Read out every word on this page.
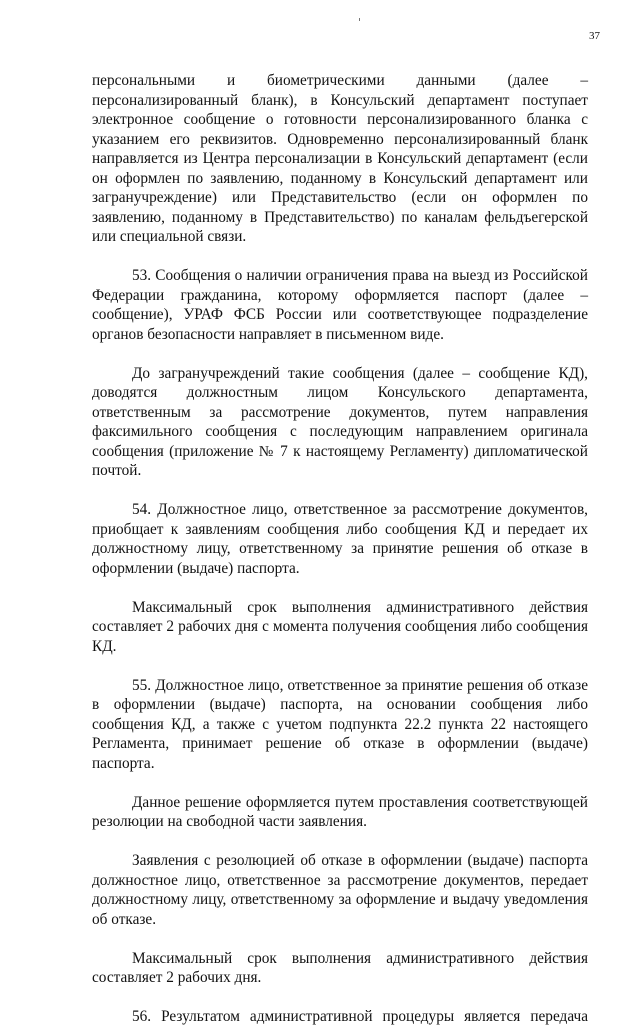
37

персональными и биометрическими данными (далее – персонализированный бланк), в Консульский департамент поступает электронное сообщение о готовности персонализированного бланка с указанием его реквизитов. Одновременно персонализированный бланк направляется из Центра персонализации в Консульский департамент (если он оформлен по заявлению, поданному в Консульский департамент или загранучреждение) или Представительство (если он оформлен по заявлению, поданному в Представительство) по каналам фельдъегерской или специальной связи.

53. Сообщения о наличии ограничения права на выезд из Российской Федерации гражданина, которому оформляется паспорт (далее – сообщение), УРАФ ФСБ России или соответствующее подразделение органов безопасности направляет в письменном виде.

До загранучреждений такие сообщения (далее – сообщение КД), доводятся должностным лицом Консульского департамента, ответственным за рассмотрение документов, путем направления факсимильного сообщения с последующим направлением оригинала сообщения (приложение № 7 к настоящему Регламенту) дипломатической почтой.

54. Должностное лицо, ответственное за рассмотрение документов, приобщает к заявлениям сообщения либо сообщения КД и передает их должностному лицу, ответственному за принятие решения об отказе в оформлении (выдаче) паспорта.

Максимальный срок выполнения административного действия составляет 2 рабочих дня с момента получения сообщения либо сообщения КД.

55. Должностное лицо, ответственное за принятие решения об отказе в оформлении (выдаче) паспорта, на основании сообщения либо сообщения КД, а также с учетом подпункта 22.2 пункта 22 настоящего Регламента, принимает решение об отказе в оформлении (выдаче) паспорта.

Данное решение оформляется путем проставления соответствующей резолюции на свободной части заявления.

Заявления с резолюцией об отказе в оформлении (выдаче) паспорта должностное лицо, ответственное за рассмотрение документов, передает должностному лицу, ответственному за оформление и выдачу уведомления об отказе.

Максимальный срок выполнения административного действия составляет 2 рабочих дня.

56. Результатом административной процедуры является передача
